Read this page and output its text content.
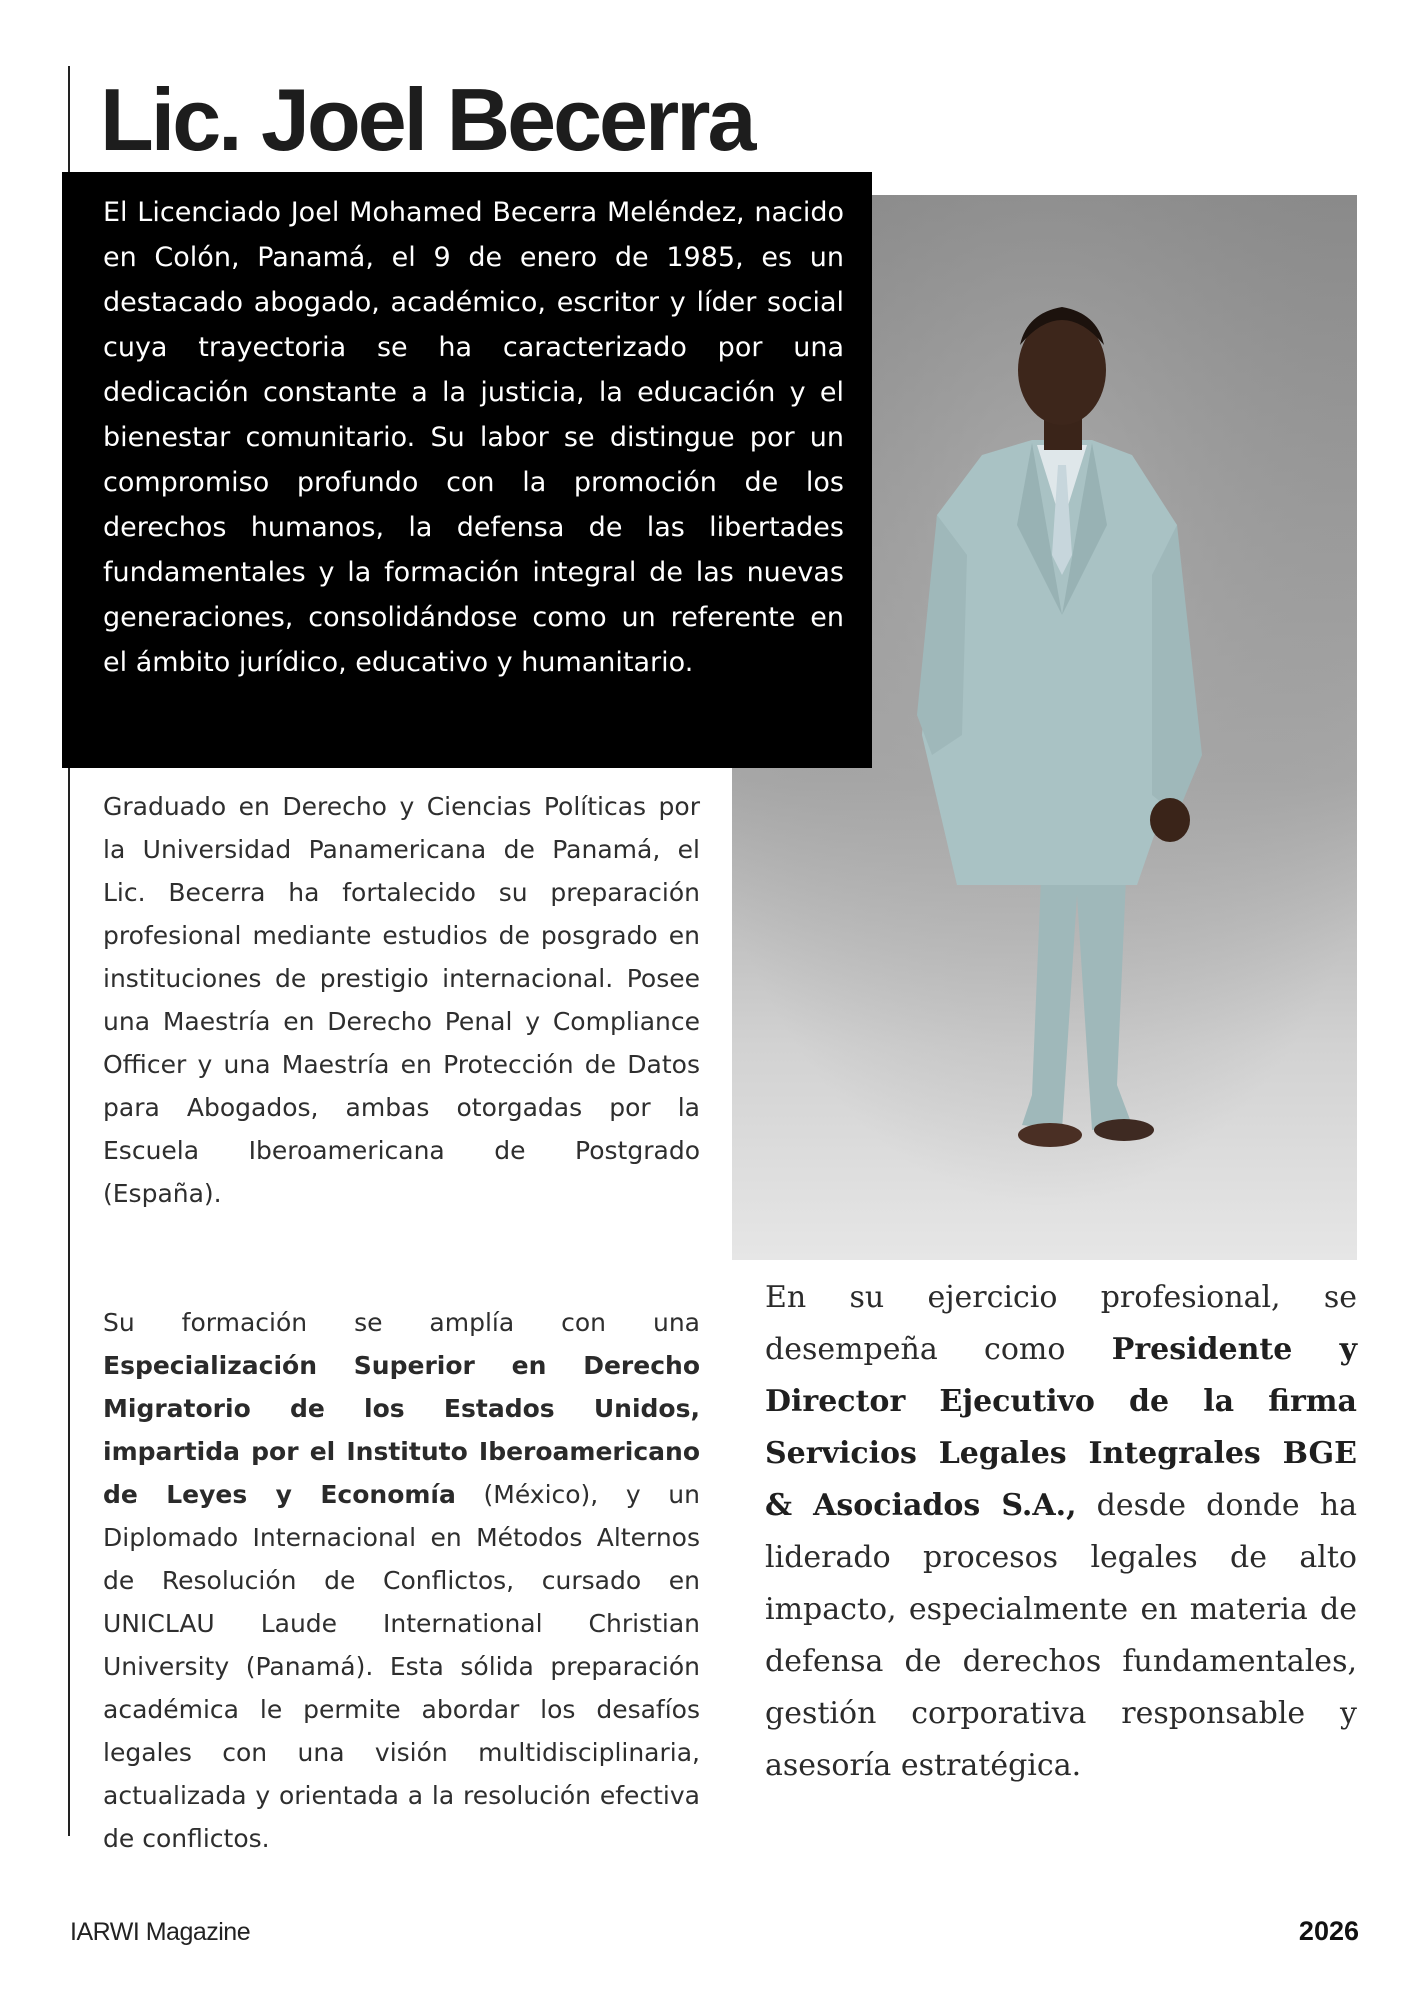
Lic. Joel Becerra

El Licenciado Joel Mohamed Becerra Meléndez, nacido en Colón, Panamá, el 9 de enero de 1985, es un destacado abogado, académico, escritor y líder social cuya trayectoria se ha caracterizado por una dedicación constante a la justicia, la educación y el bienestar comunitario. Su labor se distingue por un compromiso profundo con la promoción de los derechos humanos, la defensa de las libertades fundamentales y la formación integral de las nuevas generaciones, consolidándose como un referente en el ámbito jurídico, educativo y humanitario.

Graduado en Derecho y Ciencias Políticas por la Universidad Panamericana de Panamá, el Lic. Becerra ha fortalecido su preparación profesional mediante estudios de posgrado en instituciones de prestigio internacional. Posee una Maestría en Derecho Penal y Compliance Officer y una Maestría en Protección de Datos para Abogados, ambas otorgadas por la Escuela Iberoamericana de Postgrado (España).

Su formación se amplía con una Especialización Superior en Derecho Migratorio de los Estados Unidos, impartida por el Instituto Iberoamericano de Leyes y Economía (México), y un Diplomado Internacional en Métodos Alternos de Resolución de Conflictos, cursado en UNICLAU Laude International Christian University (Panamá). Esta sólida preparación académica le permite abordar los desafíos legales con una visión multidisciplinaria, actualizada y orientada a la resolución efectiva de conflictos.

En su ejercicio profesional, se desempeña como Presidente y Director Ejecutivo de la firma Servicios Legales Integrales BGE & Asociados S.A., desde donde ha liderado procesos legales de alto impacto, especialmente en materia de defensa de derechos fundamentales, gestión corporativa responsable y asesoría estratégica.

IARWI Magazine	2026
